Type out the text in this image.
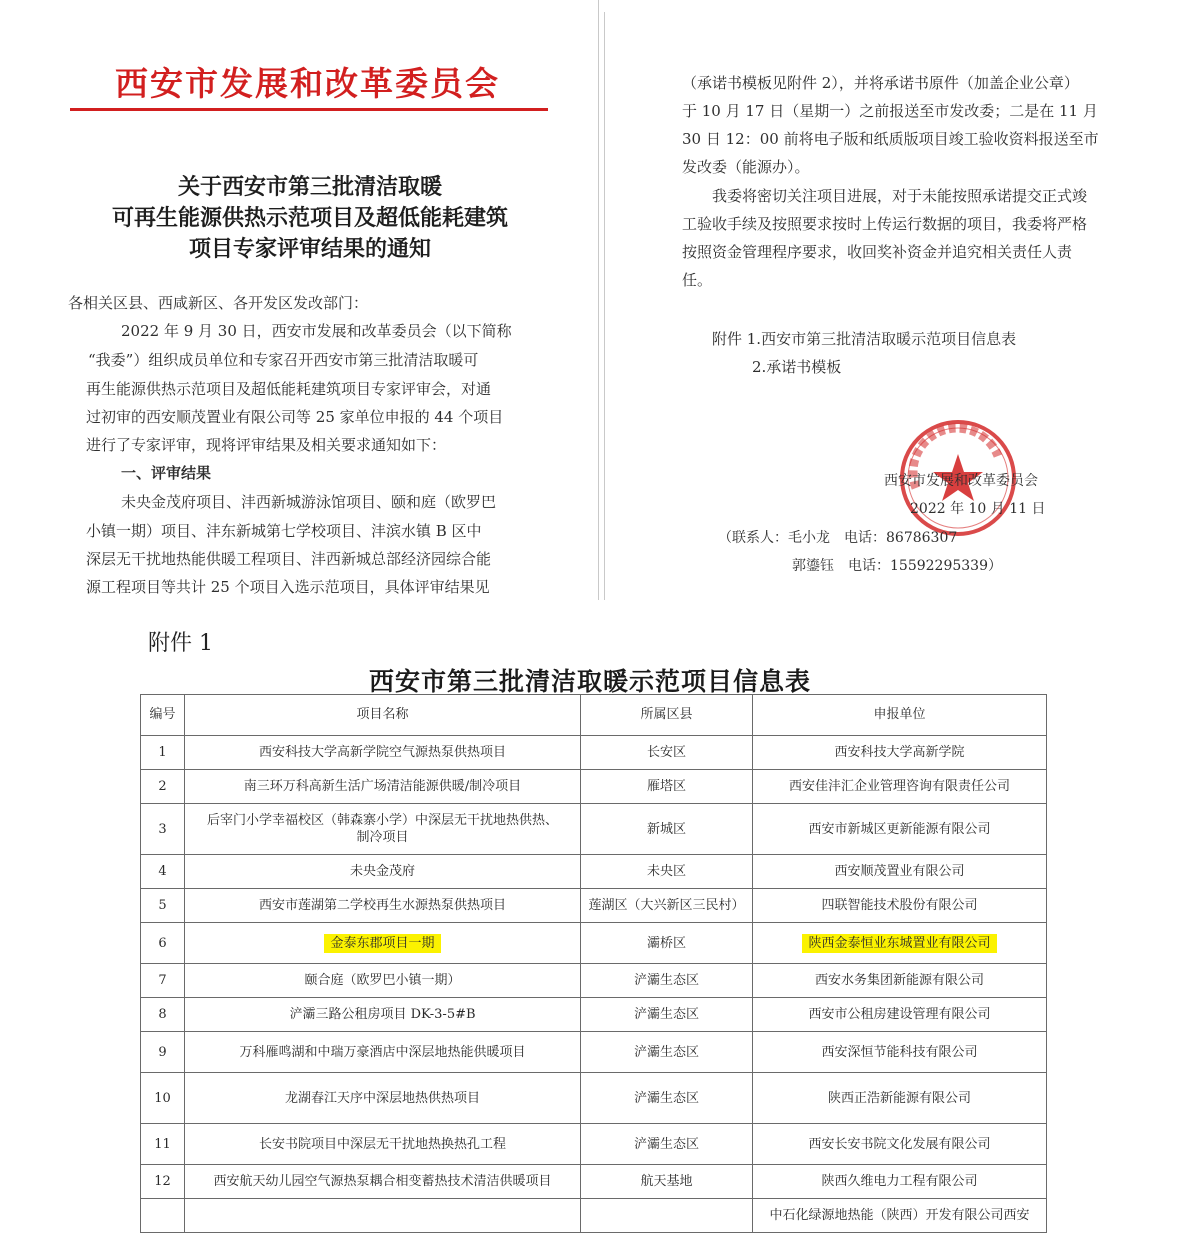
西安市发展和改革委员会
关于西安市第三批清洁取暖
可再生能源供热示范项目及超低能耗建筑
项目专家评审结果的通知
各相关区县、西咸新区、各开发区发改部门：
2022 年 9 月 30 日，西安市发展和改革委员会（以下简称
“我委”）组织成员单位和专家召开西安市第三批清洁取暖可
再生能源供热示范项目及超低能耗建筑项目专家评审会，对通
过初审的西安顺茂置业有限公司等 25 家单位申报的 44 个项目
进行了专家评审，现将评审结果及相关要求通知如下：
一、评审结果
未央金茂府项目、沣西新城游泳馆项目、颐和庭（欧罗巴
小镇一期）项目、沣东新城第七学校项目、沣滨水镇 B 区中
深层无干扰地热能供暖工程项目、沣西新城总部经济园综合能
源工程项目等共计 25 个项目入选示范项目，具体评审结果见
（承诺书模板见附件 2），并将承诺书原件（加盖企业公章）
于 10 月 17 日（星期一）之前报送至市发改委；二是在 11 月
30 日 12：00 前将电子版和纸质版项目竣工验收资料报送至市
发改委（能源办）。
我委将密切关注项目进展，对于未能按照承诺提交正式竣
工验收手续及按照要求按时上传运行数据的项目，我委将严格
按照资金管理程序要求，收回奖补资金并追究相关责任人责
任。
附件 1.西安市第三批清洁取暖示范项目信息表
2.承诺书模板
西安市发展和改革委员会
2022 年 10 月 11 日
（联系人：毛小龙　电话：86786307
郭鎏钰　电话：15592295339）
附件 1
西安市第三批清洁取暖示范项目信息表
编号	项目名称	所属区县	申报单位
1	西安科技大学高新学院空气源热泵供热项目	长安区	西安科技大学高新学院
2	南三环万科高新生活广场清洁能源供暖/制冷项目	雁塔区	西安佳沣汇企业管理咨询有限责任公司
3	后宰门小学幸福校区（韩森寨小学）中深层无干扰地热供热、
制冷项目	新城区	西安市新城区更新能源有限公司
4	未央金茂府	未央区	西安顺茂置业有限公司
5	西安市莲湖第二学校再生水源热泵供热项目	莲湖区（大兴新区三民村）	四联智能技术股份有限公司
6	金泰东郡项目一期	灞桥区	陕西金泰恒业东城置业有限公司
7	颐合庭（欧罗巴小镇一期）	浐灞生态区	西安水务集团新能源有限公司
8	浐灞三路公租房项目 DK-3-5#B	浐灞生态区	西安市公租房建设管理有限公司
9	万科雁鸣湖和中瑞万豪酒店中深层地热能供暖项目	浐灞生态区	西安深恒节能科技有限公司
10	龙湖春江天序中深层地热供热项目	浐灞生态区	陕西正浩新能源有限公司
11	长安书院项目中深层无干扰地热换热孔工程	浐灞生态区	西安长安书院文化发展有限公司
12	西安航天幼儿园空气源热泵耦合相变蓄热技术清洁供暖项目	航天基地	陕西久维电力工程有限公司
			中石化绿源地热能（陕西）开发有限公司西安
